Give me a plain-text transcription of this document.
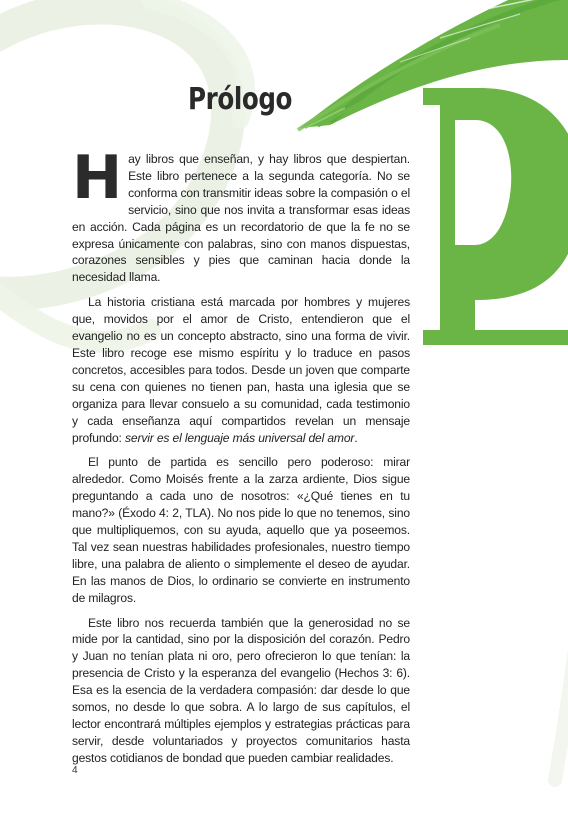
Prólogo

Hay libros que enseñan, y hay libros que despiertan. Este libro pertenece a la segunda categoría. No se conforma con transmitir ideas sobre la compasión o el servicio, sino que nos invita a transformar esas ideas en acción. Cada página es un recordatorio de que la fe no se expresa únicamente con palabras, sino con manos dispuestas, corazones sensibles y pies que caminan hacia donde la necesidad llama.

La historia cristiana está marcada por hombres y mujeres que, movidos por el amor de Cristo, entendieron que el evangelio no es un concepto abstracto, sino una forma de vivir. Este libro recoge ese mismo espíritu y lo traduce en pasos concretos, accesibles para todos. Desde un joven que comparte su cena con quienes no tienen pan, hasta una iglesia que se organiza para llevar consuelo a su comunidad, cada testimonio y cada enseñanza aquí compartidos revelan un mensaje profundo: servir es el lenguaje más universal del amor.

El punto de partida es sencillo pero poderoso: mirar alrededor. Como Moisés frente a la zarza ardiente, Dios sigue preguntando a cada uno de nosotros: «¿Qué tienes en tu mano?» (Éxodo 4: 2, TLA). No nos pide lo que no tenemos, sino que multipliquemos, con su ayuda, aquello que ya poseemos. Tal vez sean nuestras habilidades profesionales, nuestro tiempo libre, una palabra de aliento o simplemente el deseo de ayudar. En las manos de Dios, lo ordinario se convierte en instrumento de milagros.

Este libro nos recuerda también que la generosidad no se mide por la cantidad, sino por la disposición del corazón. Pedro y Juan no tenían plata ni oro, pero ofrecieron lo que tenían: la presencia de Cristo y la esperanza del evangelio (Hechos 3: 6). Esa es la esencia de la verdadera compasión: dar desde lo que somos, no desde lo que sobra. A lo largo de sus capítulos, el lector encontrará múltiples ejemplos y estrategias prácticas para servir, desde voluntariados y proyectos comunitarios hasta gestos cotidianos de bondad que pueden cambiar realidades.

4
